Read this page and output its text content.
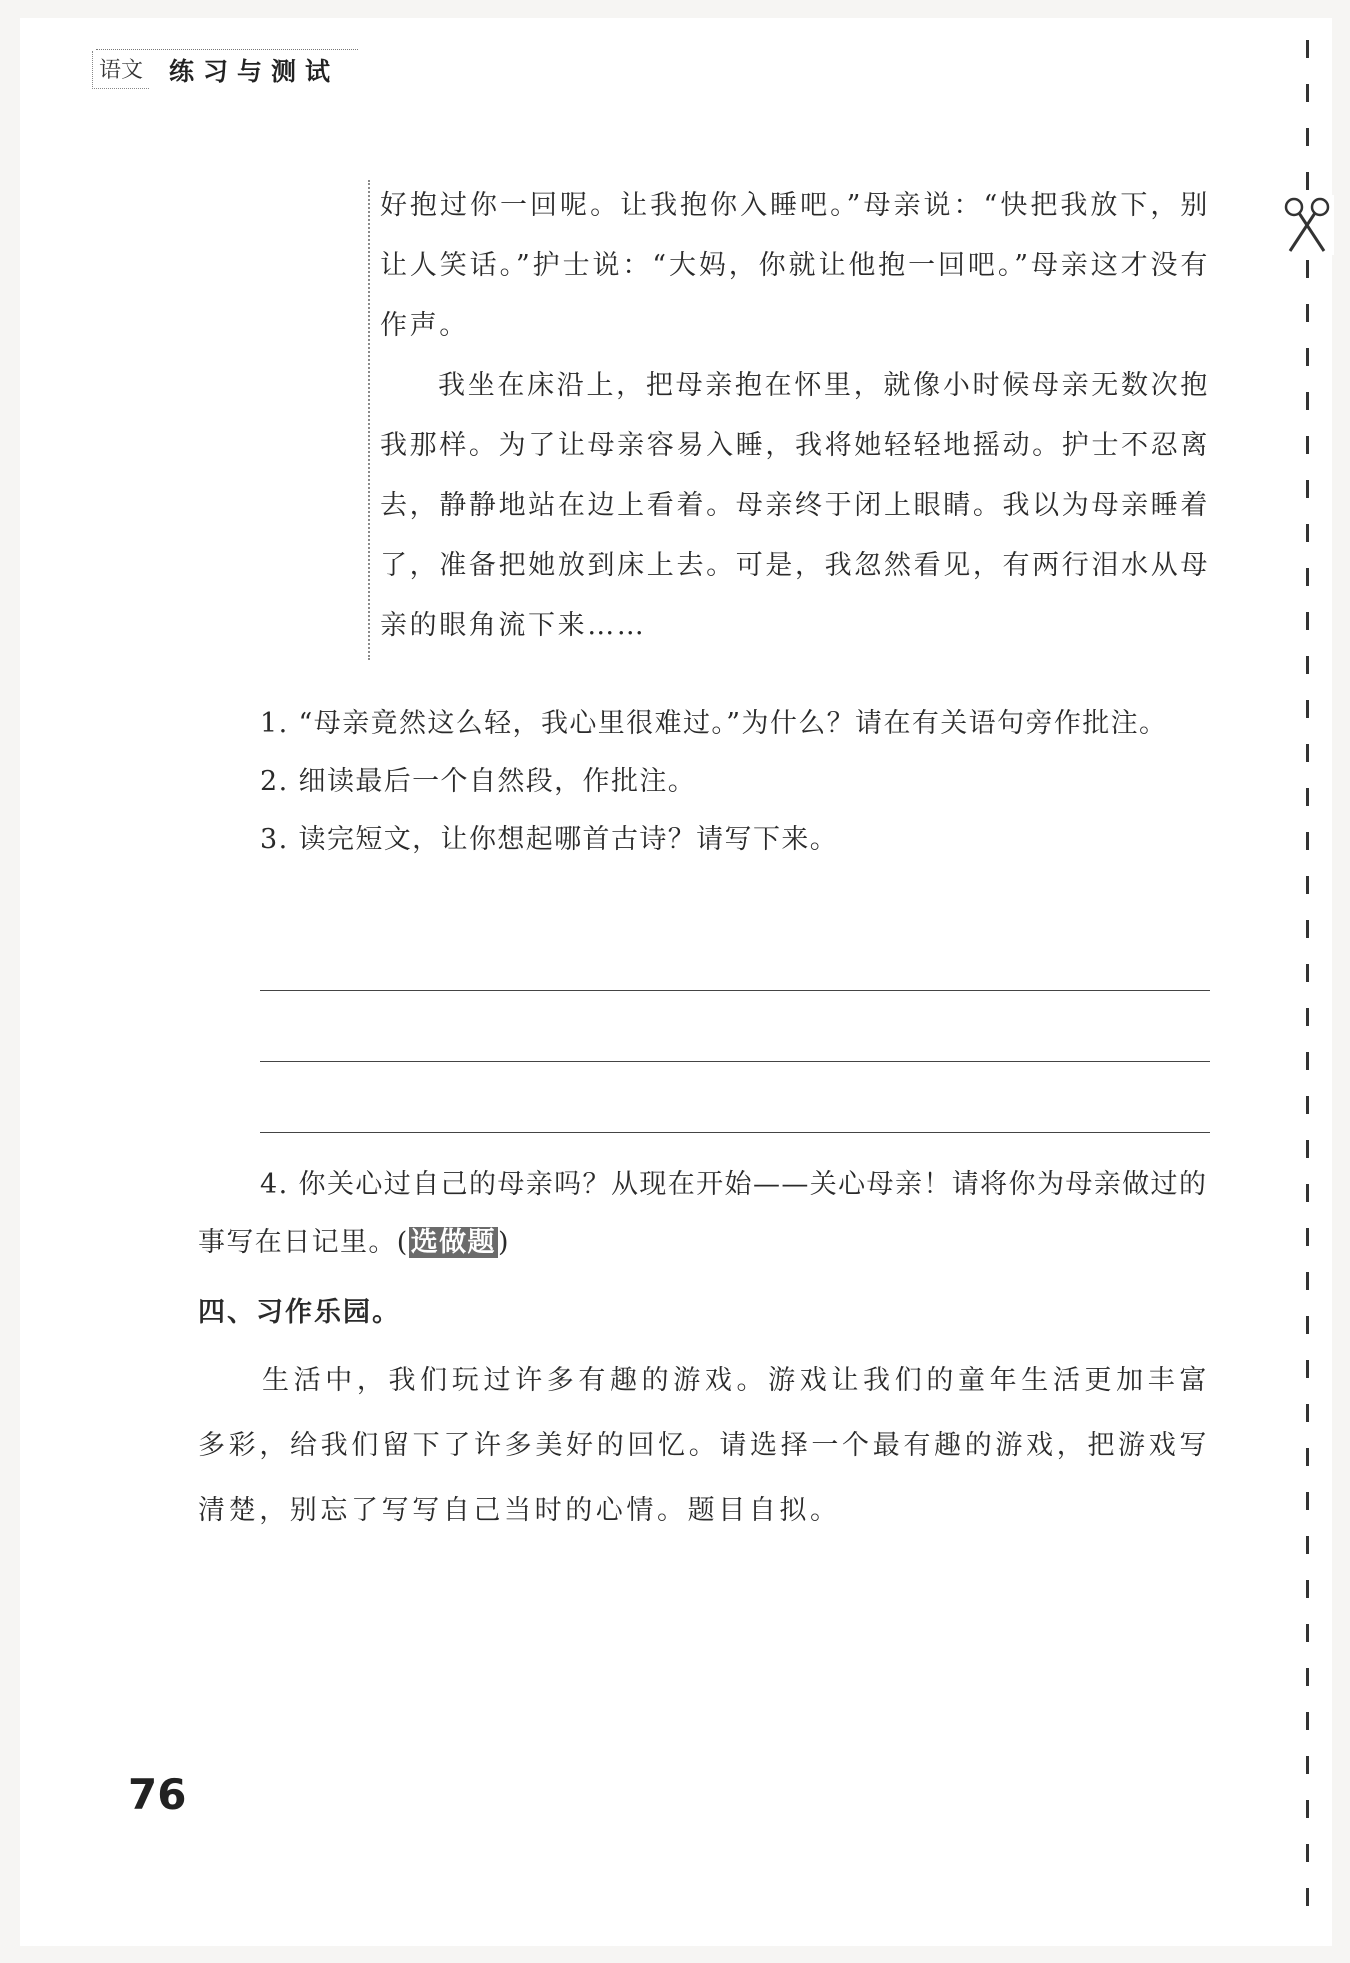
语文 练习与测试

好抱过你一回呢。让我抱你入睡吧。”母亲说：“快把我放下，别让人笑话。”护士说：“大妈，你就让他抱一回吧。”母亲这才没有作声。

我坐在床沿上，把母亲抱在怀里，就像小时候母亲无数次抱我那样。为了让母亲容易入睡，我将她轻轻地摇动。护士不忍离去，静静地站在边上看着。母亲终于闭上眼睛。我以为母亲睡着了，准备把她放到床上去。可是，我忽然看见，有两行泪水从母亲的眼角流下来……

1. “母亲竟然这么轻，我心里很难过。”为什么？请在有关语句旁作批注。

2. 细读最后一个自然段，作批注。

3. 读完短文，让你想起哪首古诗？请写下来。

4. 你关心过自己的母亲吗？从现在开始——关心母亲！请将你为母亲做过的事写在日记里。(选做题)

四、习作乐园。

生活中，我们玩过许多有趣的游戏。游戏让我们的童年生活更加丰富多彩，给我们留下了许多美好的回忆。请选择一个最有趣的游戏，把游戏写清楚，别忘了写写自己当时的心情。题目自拟。

76
